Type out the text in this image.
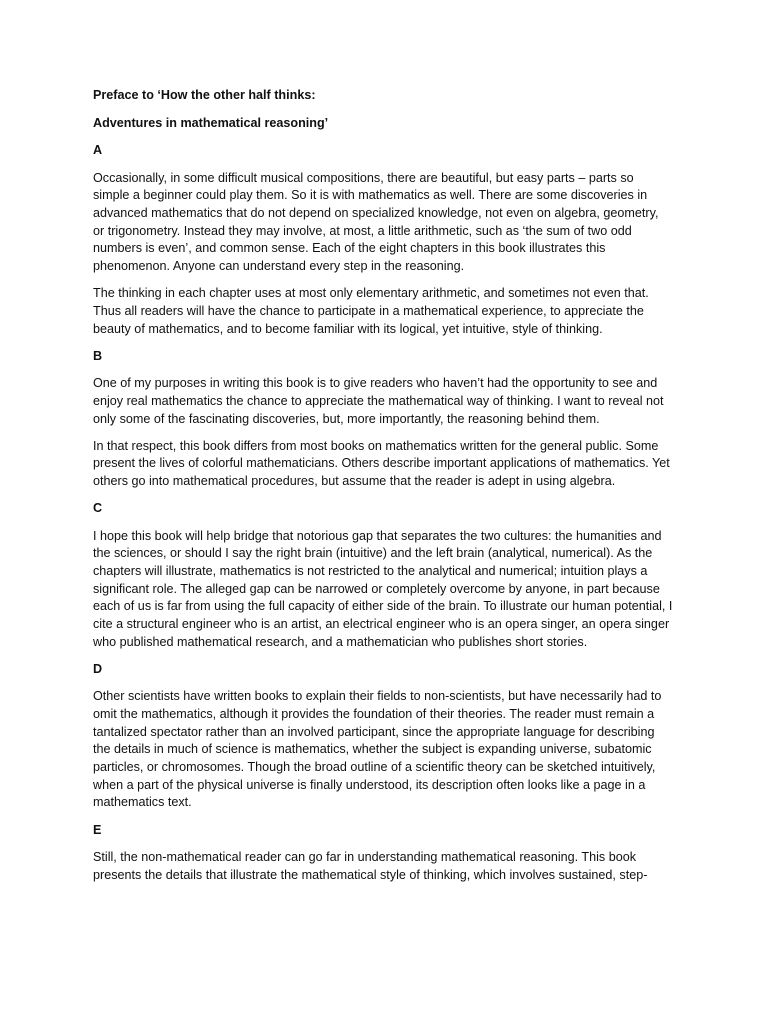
Preface to ‘How the other half thinks:

Adventures in mathematical reasoning’

A

Occasionally, in some difficult musical compositions, there are beautiful, but easy parts – parts so simple a beginner could play them. So it is with mathematics as well. There are some discoveries in advanced mathematics that do not depend on specialized knowledge, not even on algebra, geometry, or trigonometry. Instead they may involve, at most, a little arithmetic, such as ‘the sum of two odd numbers is even’, and common sense. Each of the eight chapters in this book illustrates this phenomenon. Anyone can understand every step in the reasoning.

The thinking in each chapter uses at most only elementary arithmetic, and sometimes not even that. Thus all readers will have the chance to participate in a mathematical experience, to appreciate the beauty of mathematics, and to become familiar with its logical, yet intuitive, style of thinking.

B

One of my purposes in writing this book is to give readers who haven’t had the opportunity to see and enjoy real mathematics the chance to appreciate the mathematical way of thinking. I want to reveal not only some of the fascinating discoveries, but, more importantly, the reasoning behind them.

In that respect, this book differs from most books on mathematics written for the general public. Some present the lives of colorful mathematicians. Others describe important applications of mathematics. Yet others go into mathematical procedures, but assume that the reader is adept in using algebra.

C

I hope this book will help bridge that notorious gap that separates the two cultures: the humanities and the sciences, or should I say the right brain (intuitive) and the left brain (analytical, numerical). As the chapters will illustrate, mathematics is not restricted to the analytical and numerical; intuition plays a significant role. The alleged gap can be narrowed or completely overcome by anyone, in part because each of us is far from using the full capacity of either side of the brain. To illustrate our human potential, I cite a structural engineer who is an artist, an electrical engineer who is an opera singer, an opera singer who published mathematical research, and a mathematician who publishes short stories.

D

Other scientists have written books to explain their fields to non-scientists, but have necessarily had to omit the mathematics, although it provides the foundation of their theories. The reader must remain a tantalized spectator rather than an involved participant, since the appropriate language for describing the details in much of science is mathematics, whether the subject is expanding universe, subatomic particles, or chromosomes. Though the broad outline of a scientific theory can be sketched intuitively, when a part of the physical universe is finally understood, its description often looks like a page in a mathematics text.

E

Still, the non-mathematical reader can go far in understanding mathematical reasoning. This book presents the details that illustrate the mathematical style of thinking, which involves sustained, step-
